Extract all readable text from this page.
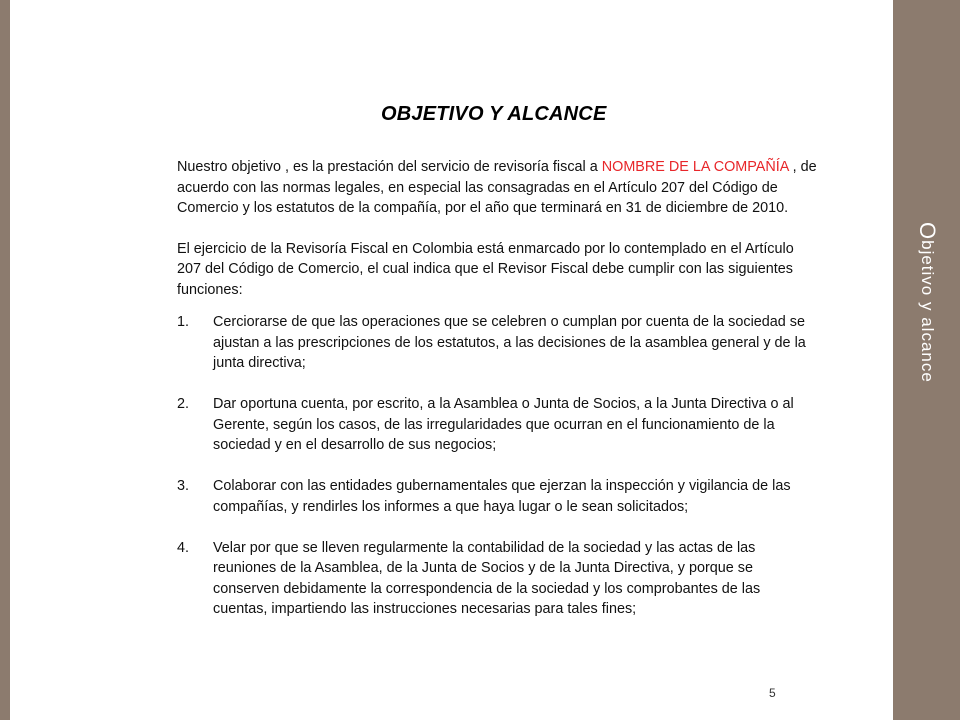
Objetivo y alcance
OBJETIVO Y ALCANCE

Nuestro objetivo , es la prestación del servicio de revisoría fiscal a NOMBRE DE LA COMPAÑÍA , de acuerdo con las normas legales, en especial las consagradas en el Artículo 207 del Código de Comercio y los estatutos de la compañía, por el año que terminará en 31 de diciembre de 2010.

El ejercicio de la Revisoría Fiscal en Colombia está enmarcado por lo contemplado en el Artículo 207 del Código de Comercio, el cual indica que el Revisor Fiscal debe cumplir con las siguientes funciones:

1. Cerciorarse de que las operaciones que se celebren o cumplan por cuenta de la sociedad se ajustan a las prescripciones de los estatutos, a las decisiones de la asamblea general y de la junta directiva;
2. Dar oportuna cuenta, por escrito, a la Asamblea o Junta de Socios, a la Junta Directiva o al Gerente, según los casos, de las irregularidades que ocurran en el funcionamiento de la sociedad y en el desarrollo de sus negocios;
3. Colaborar con las entidades gubernamentales que ejerzan la inspección y vigilancia de las compañías, y rendirles los informes a que haya lugar o le sean solicitados;
4. Velar por que se lleven regularmente la contabilidad de la sociedad y las actas de las reuniones de la Asamblea, de la Junta de Socios y de la Junta Directiva, y porque se conserven debidamente la correspondencia de la sociedad y los comprobantes de las cuentas, impartiendo las instrucciones necesarias para tales fines;
5
